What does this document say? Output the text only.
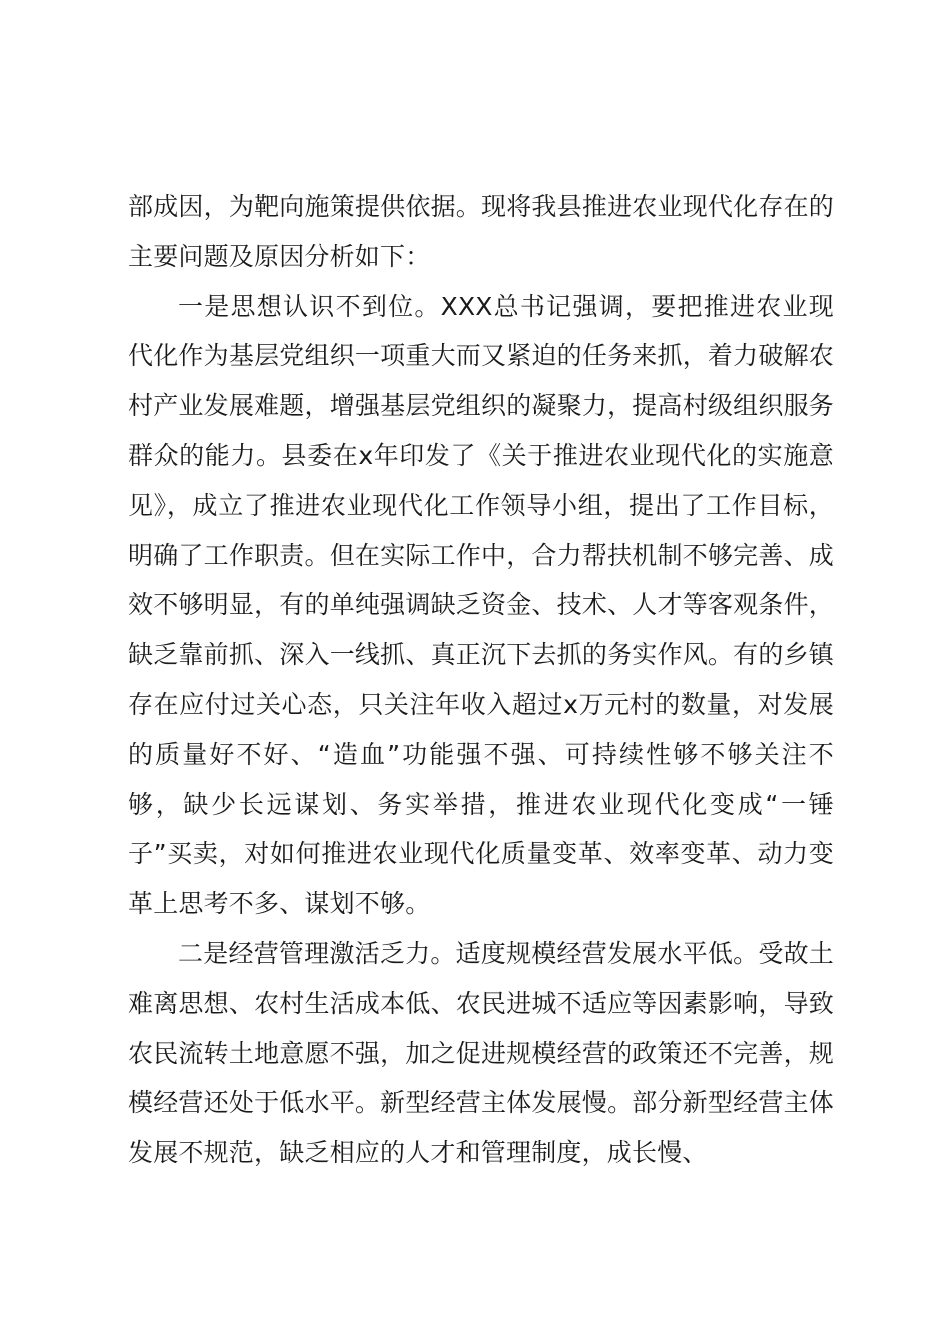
部成因，为靶向施策提供依据。现将我县推进农业现代化存在的主要问题及原因分析如下：

一是思想认识不到位。XXX总书记强调，要把推进农业现代化作为基层党组织一项重大而又紧迫的任务来抓，着力破解农村产业发展难题，增强基层党组织的凝聚力，提高村级组织服务群众的能力。县委在x年印发了《关于推进农业现代化的实施意见》，成立了推进农业现代化工作领导小组，提出了工作目标，明确了工作职责。但在实际工作中，合力帮扶机制不够完善、成效不够明显，有的单纯强调缺乏资金、技术、人才等客观条件，缺乏靠前抓、深入一线抓、真正沉下去抓的务实作风。有的乡镇存在应付过关心态，只关注年收入超过x万元村的数量，对发展的质量好不好、“造血”功能强不强、可持续性够不够关注不够，缺少长远谋划、务实举措，推进农业现代化变成“一锤子”买卖，对如何推进农业现代化质量变革、效率变革、动力变革上思考不多、谋划不够。

二是经营管理激活乏力。适度规模经营发展水平低。受故土难离思想、农村生活成本低、农民进城不适应等因素影响，导致农民流转土地意愿不强，加之促进规模经营的政策还不完善，规模经营还处于低水平。新型经营主体发展慢。部分新型经营主体发展不规范，缺乏相应的人才和管理制度，成长慢、
